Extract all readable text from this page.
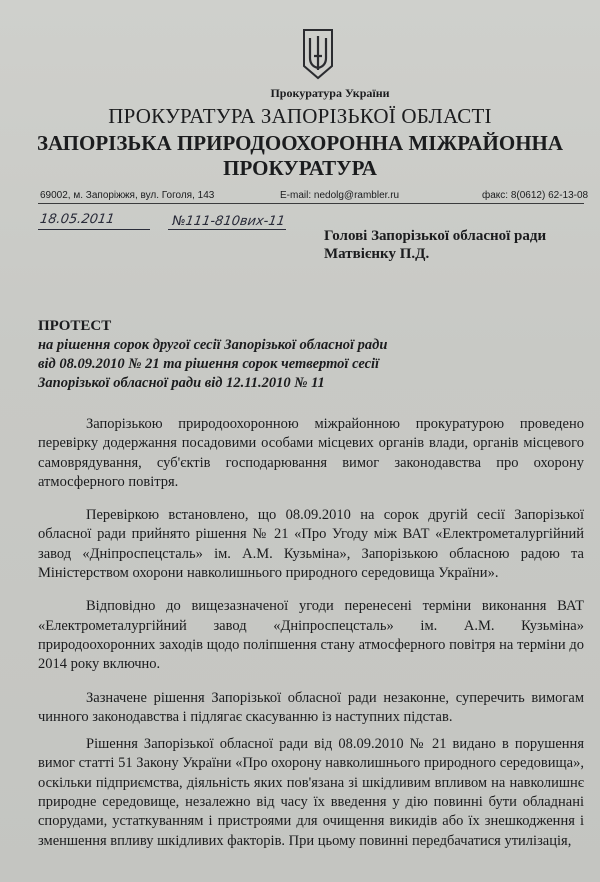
Прокуратура України
ПРОКУРАТУРА ЗАПОРІЗЬКОЇ ОБЛАСТІ
ЗАПОРІЗЬКА ПРИРОДООХОРОННА МІЖРАЙОННА
ПРОКУРАТУРА
69002, м. Запоріжжя, вул. Гоголя, 143	E-mail: nedolg@rambler.ru	факс: 8(0612) 62-13-08
18.05.2011	№111-810вих-11
Голові Запорізької обласної ради
Матвієнку П.Д.
ПРОТЕСТ
на рішення сорок другої сесії Запорізької обласної ради
від 08.09.2010 № 21 та рішення сорок четвертої сесії
Запорізької обласної ради від 12.11.2010 № 11

Запорізькою природоохоронною міжрайонною прокуратурою проведено перевірку додержання посадовими особами місцевих органів влади, органів місцевого самоврядування, суб'єктів господарювання вимог законодавства про охорону атмосферного повітря.

Перевіркою встановлено, що 08.09.2010 на сорок другій сесії Запорізької обласної ради прийнято рішення № 21 «Про Угоду між ВАТ «Електрометалургійний завод «Дніпроспецсталь» ім. А.М. Кузьміна», Запорізькою обласною радою та Міністерством охорони навколишнього природного середовища України».

Відповідно до вищезазначеної угоди перенесені терміни виконання ВАТ «Електрометалургійний завод «Дніпроспецсталь» ім. А.М. Кузьміна» природоохоронних заходів щодо поліпшення стану атмосферного повітря на терміни до 2014 року включно.

Зазначене рішення Запорізької обласної ради незаконне, суперечить вимогам чинного законодавства і підлягає скасуванню із наступних підстав.

Рішення Запорізької обласної ради від 08.09.2010 № 21 видано в порушення вимог статті 51 Закону України «Про охорону навколишнього природного середовища», оскільки підприємства, діяльність яких пов'язана зі шкідливим впливом на навколишнє природне середовище, незалежно від часу їх введення у дію повинні бути обладнані спорудами, устаткуванням і пристроями для очищення викидів або їх знешкодження і зменшення впливу шкідливих факторів. При цьому повинні передбачатися утилізація,
